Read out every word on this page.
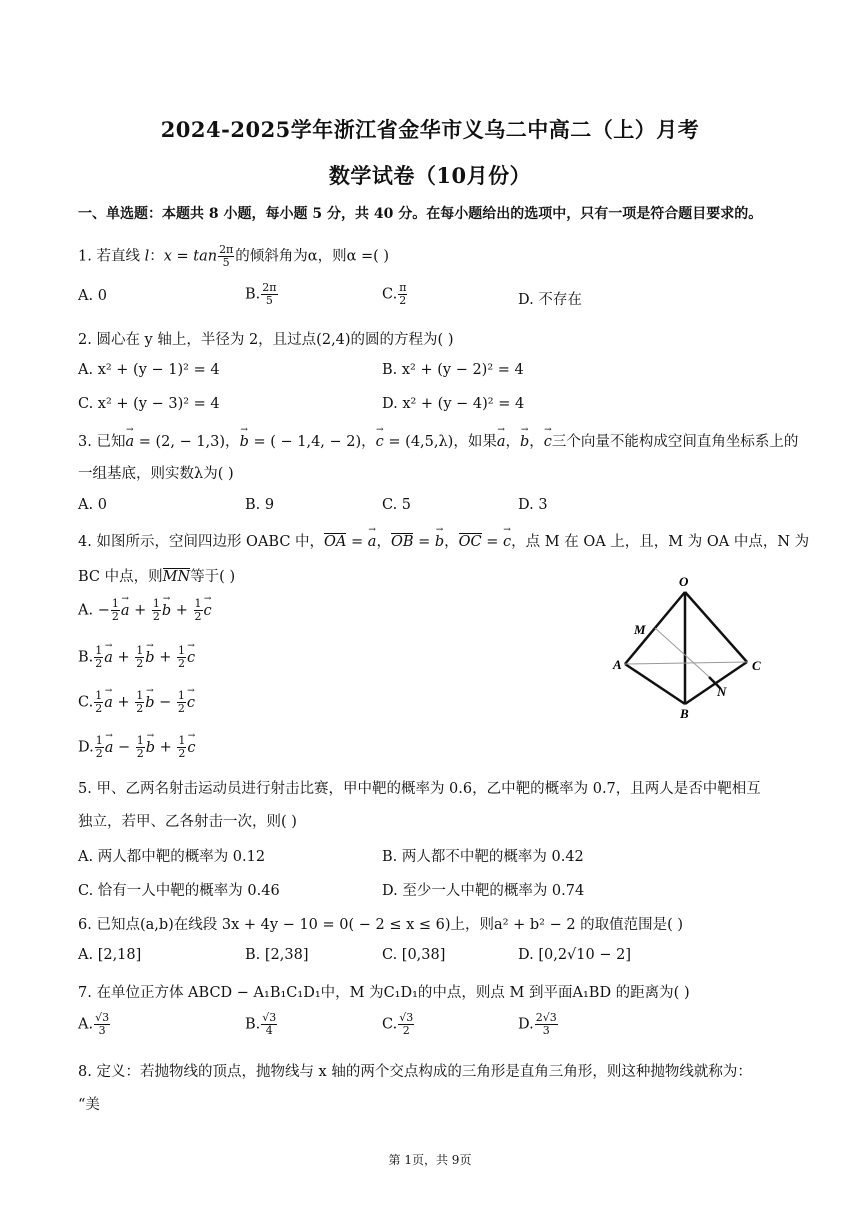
2024-2025学年浙江省金华市义乌二中高二（上）月考
数学试卷（10月份）
一、单选题：本题共 8 小题，每小题 5 分，共 40 分。在每小题给出的选项中，只有一项是符合题目要求的。
1. 若直线 l：$x = \tan \frac{2\pi}{5}$ 的倾斜角为α，则α =( )
A. 0	B. $\frac{2\pi}{5}$	C. $\frac{\pi}{2}$	D. 不存在
2. 圆心在 y 轴上，半径为 2，且过点(2,4)的圆的方程为( )
A. x² + (y − 1)² = 4	B. x² + (y − 2)² = 4
C. x² + (y − 3)² = 4	D. x² + (y − 4)² = 4
3. 已知→ a = (2, − 1,3)，→ b = ( − 1,4, − 2)，→ c = (4,5,λ)，如果→ a，→ b，→ c三个向量不能构成空间直角坐标系上的
一组基底，则实数λ为( )
A. 0	B. 9	C. 5	D. 3
4. 如图所示，空间四边形 OABC 中，OA = → a，OB = → b，OC = → c，点 M 在 OA 上，且，M 为 OA 中点，N 为
BC 中点，则MN等于( )
A. − $\frac{1}{2}$
→ $a + \frac{1}{2}$
→ $b + \frac{1}{2}$
→ c
B. $\frac{1}{2}$
→ $a + \frac{1}{2}$
→ $b + \frac{1}{2}$
→ c
C. $\frac{1}{2}$
→ $a + \frac{1}{2}$
→ $b - \frac{1}{2}$
→ c
D. $\frac{1}{2}$
→ $a - \frac{1}{2}$
→ $b + \frac{1}{2}$
→ c
O
A
B
C
M
N
5. 甲、乙两名射击运动员进行射击比赛，甲中靶的概率为 0.6，乙中靶的概率为 0.7，且两人是否中靶相互
独立，若甲、乙各射击一次，则( )
A. 两人都中靶的概率为 0.12	B. 两人都不中靶的概率为 0.42
C. 恰有一人中靶的概率为 0.46	D. 至少一人中靶的概率为 0.74
6. 已知点(a,b)在线段 3x + 4y − 10 = 0( − 2 ≤ x ≤ 6)上，则a² + b² − 2 的取值范围是( )
A. [2,18]	B. [2,38]	C. [0,38]	D. [0,2√10 − 2]
7. 在单位正方体 ABCD − A₁B₁C₁D₁中，M 为C₁D₁的中点，则点 M 到平面A₁BD 的距离为( )
A. $\frac{√3}{3}$	B. $\frac{√3}{4}$	C. $\frac{√3}{2}$	D. $\frac{2√3}{3}$
8. 定义：若抛物线的顶点，抛物线与 x 轴的两个交点构成的三角形是直角三角形，则这种抛物线就称为：
“美
第 1页，共 9页
